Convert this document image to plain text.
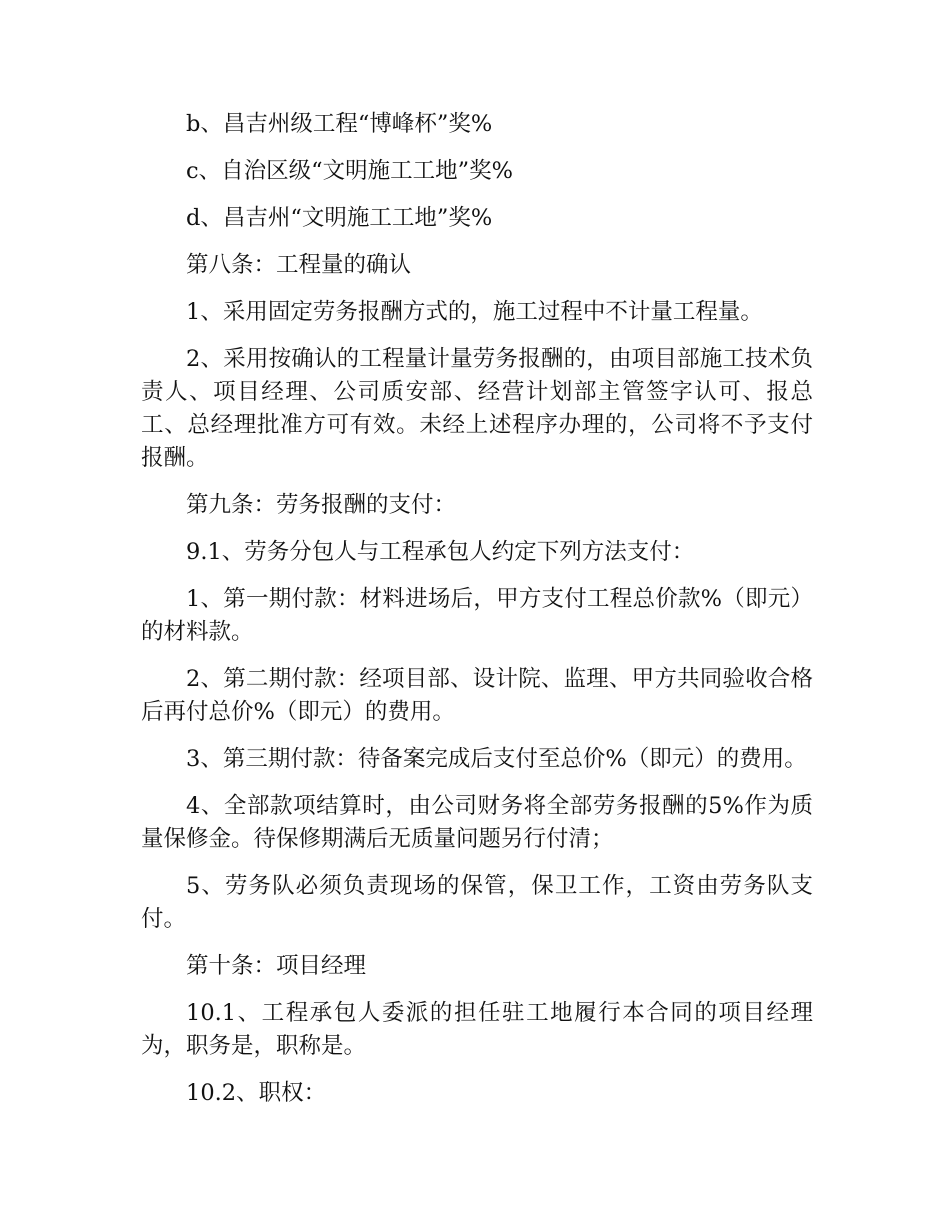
b、昌吉州级工程“博峰杯”奖%

c、自治区级“文明施工工地”奖%

d、昌吉州“文明施工工地”奖%

第八条：工程量的确认

1、采用固定劳务报酬方式的，施工过程中不计量工程量。

2、采用按确认的工程量计量劳务报酬的，由项目部施工技术负责人、项目经理、公司质安部、经营计划部主管签字认可、报总工、总经理批准方可有效。未经上述程序办理的，公司将不予支付报酬。

第九条：劳务报酬的支付：

9.1、劳务分包人与工程承包人约定下列方法支付：

1、第一期付款：材料进场后，甲方支付工程总价款%（即元）的材料款。

2、第二期付款：经项目部、设计院、监理、甲方共同验收合格后再付总价%（即元）的费用。

3、第三期付款：待备案完成后支付至总价%（即元）的费用。

4、全部款项结算时，由公司财务将全部劳务报酬的5%作为质量保修金。待保修期满后无质量问题另行付清；

5、劳务队必须负责现场的保管，保卫工作，工资由劳务队支付。

第十条：项目经理

10.1、工程承包人委派的担任驻工地履行本合同的项目经理为，职务是，职称是。

10.2、职权：
